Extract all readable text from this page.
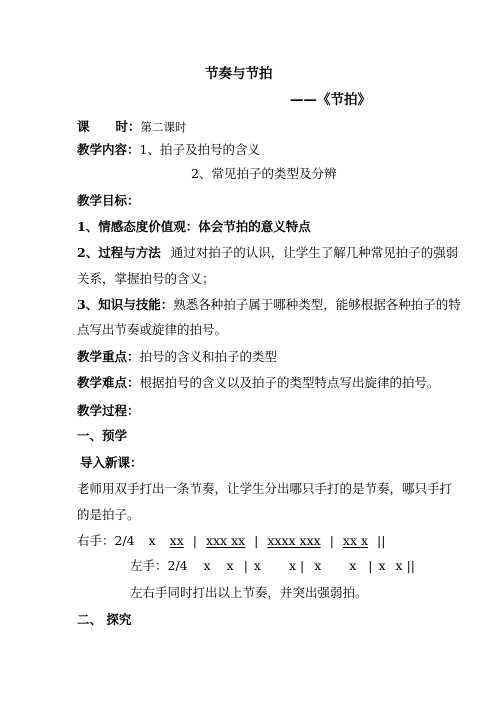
节奏与节拍
——《节拍》
课 时：第二课时
教学内容：1、拍子及拍号的含义
2、常见拍子的类型及分辨
教学目标：
1、情感态度价值观：体会节拍的意义特点
2、过程与方法 通过对拍子的认识，让学生了解几种常见拍子的强弱
关系，掌握拍号的含义；
3、知识与技能：熟悉各种拍子属于哪种类型，能够根据各种拍子的特
点写出节奏或旋律的拍号。
教学重点：拍号的含义和拍子的类型
教学难点：根据拍号的含义以及拍子的类型特点写出旋律的拍号。
教学过程：
一、预学
导入新课：
老师用双手打出一条节奏，让学生分出哪只手打的是节奏，哪只手打
的是拍子。
右手：2/4 x xx | xxx xx | xxxx xxx | xx x ||
左手：2/4 x x | x x | x x | x x ||
左右手同时打出以上节奏，并突出强弱拍。
二、 探究
